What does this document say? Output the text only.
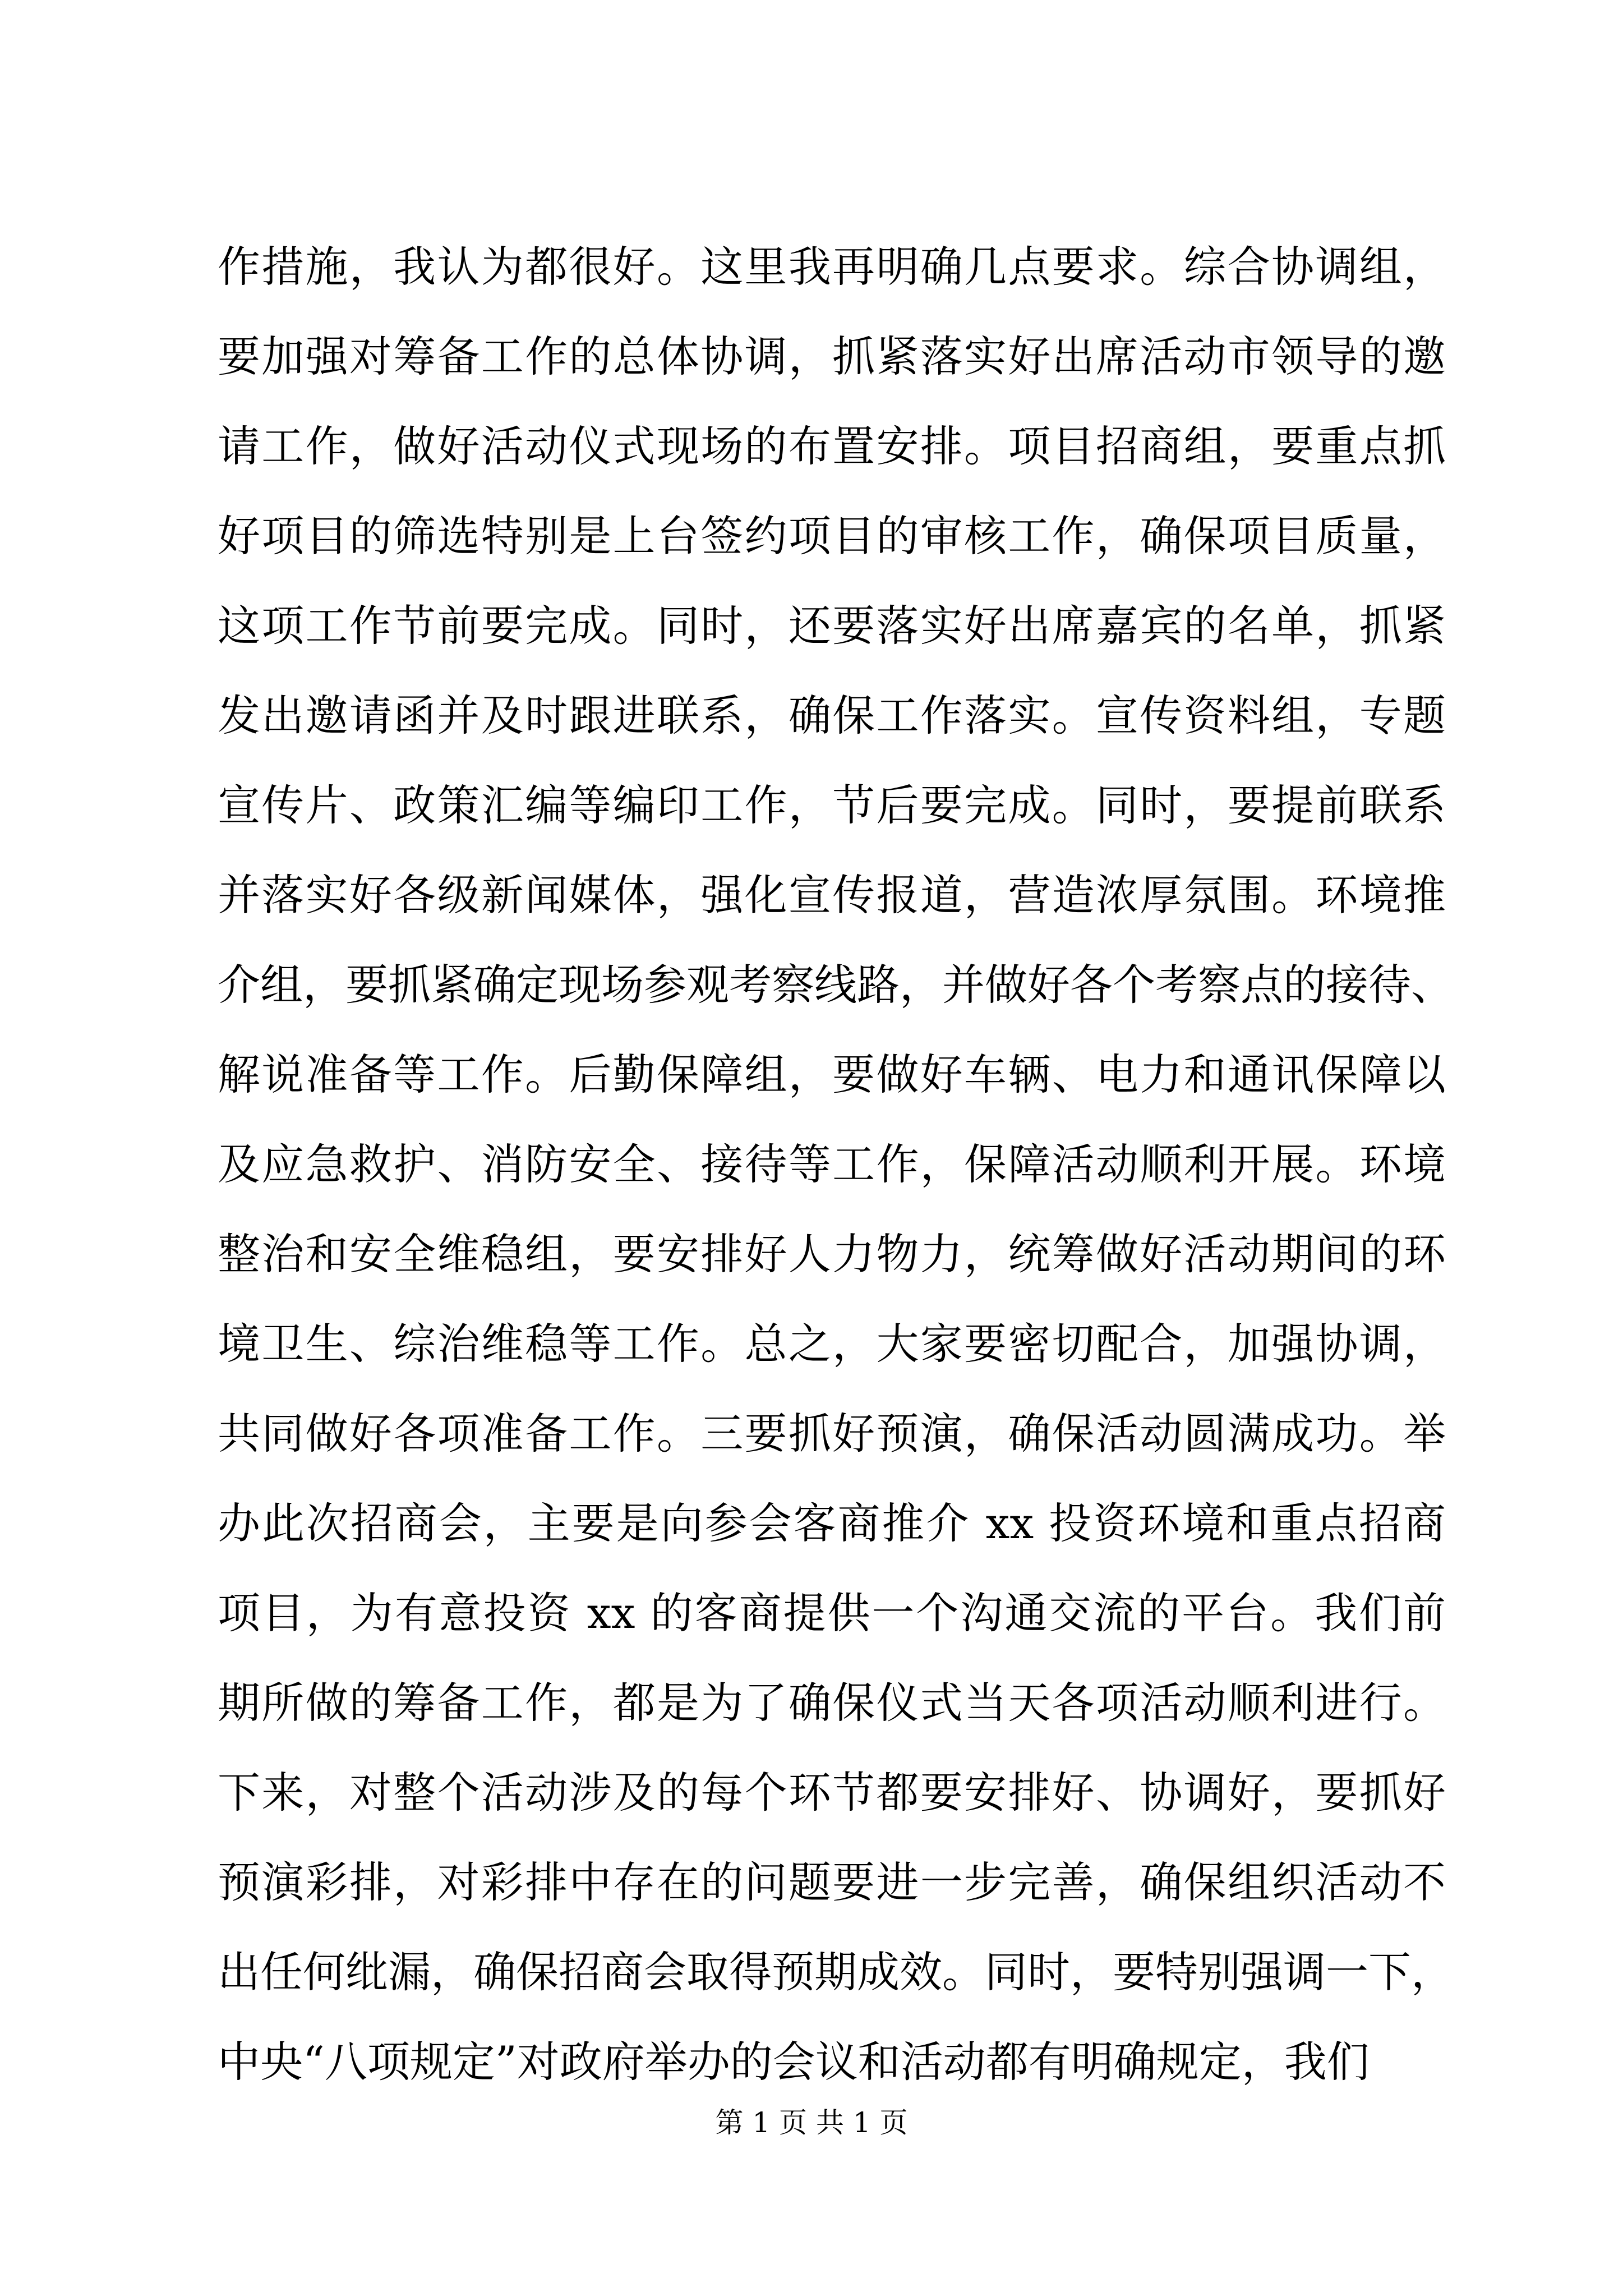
作措施，我认为都很好。这里我再明确几点要求。综合协调组，
要加强对筹备工作的总体协调，抓紧落实好出席活动市领导的邀
请工作，做好活动仪式现场的布置安排。项目招商组，要重点抓
好项目的筛选特别是上台签约项目的审核工作，确保项目质量，
这项工作节前要完成。同时，还要落实好出席嘉宾的名单，抓紧
发出邀请函并及时跟进联系，确保工作落实。宣传资料组，专题
宣传片、政策汇编等编印工作，节后要完成。同时，要提前联系
并落实好各级新闻媒体，强化宣传报道，营造浓厚氛围。环境推
介组，要抓紧确定现场参观考察线路，并做好各个考察点的接待、
解说准备等工作。后勤保障组，要做好车辆、电力和通讯保障以
及应急救护、消防安全、接待等工作，保障活动顺利开展。环境
整治和安全维稳组，要安排好人力物力，统筹做好活动期间的环
境卫生、综治维稳等工作。总之，大家要密切配合，加强协调，
共同做好各项准备工作。三要抓好预演，确保活动圆满成功。举
办此次招商会，主要是向参会客商推介 xx 投资环境和重点招商
项目，为有意投资 xx 的客商提供一个沟通交流的平台。我们前
期所做的筹备工作，都是为了确保仪式当天各项活动顺利进行。
下来，对整个活动涉及的每个环节都要安排好、协调好，要抓好
预演彩排，对彩排中存在的问题要进一步完善，确保组织活动不
出任何纰漏，确保招商会取得预期成效。同时，要特别强调一下，
中央“八项规定”对政府举办的会议和活动都有明确规定，我们
第 1 页 共 1 页
